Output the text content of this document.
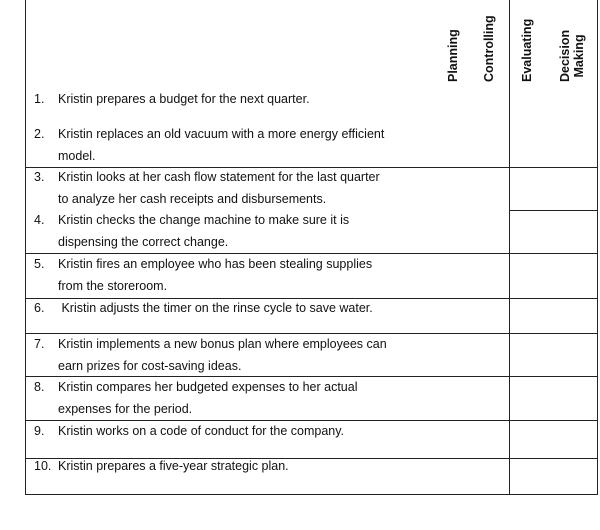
Planning Controlling Evaluating Decision Making
1. Kristin prepares a budget for the next quarter.
2. Kristin replaces an old vacuum with a more energy efficient
model.
3. Kristin looks at her cash flow statement for the last quarter
to analyze her cash receipts and disbursements.
4. Kristin checks the change machine to make sure it is
dispensing the correct change.
5. Kristin fires an employee who has been stealing supplies
from the storeroom.
6. Kristin adjusts the timer on the rinse cycle to save water.
7. Kristin implements a new bonus plan where employees can
earn prizes for cost-saving ideas.
8. Kristin compares her budgeted expenses to her actual
expenses for the period.
9. Kristin works on a code of conduct for the company.
10. Kristin prepares a five-year strategic plan.
